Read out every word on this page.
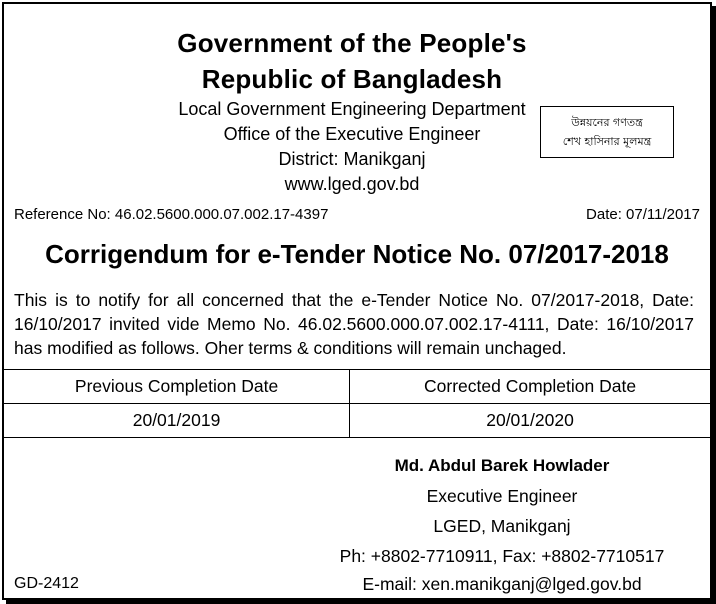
Government of the People's
Republic of Bangladesh
Local Government Engineering Department
Office of the Executive Engineer
District: Manikganj
www.lged.gov.bd
উন্নয়নের গণতন্ত্র
শেখ হাসিনার মূলমন্ত্র
Reference No: 46.02.5600.000.07.002.17-4397	Date: 07/11/2017
Corrigendum for e-Tender Notice No. 07/2017-2018
This is to notify for all concerned that the e-Tender Notice No. 07/2017-2018, Date: 16/10/2017 invited vide Memo No. 46.02.5600.000.07.002.17-4111, Date: 16/10/2017 has modified as follows. Oher terms & conditions will remain unchaged.
Previous Completion Date	Corrected Completion Date
20/01/2019	20/01/2020
Md. Abdul Barek Howlader
Executive Engineer
LGED, Manikganj
Ph: +8802-7710911, Fax: +8802-7710517
E-mail: xen.manikganj@lged.gov.bd
GD-2412
